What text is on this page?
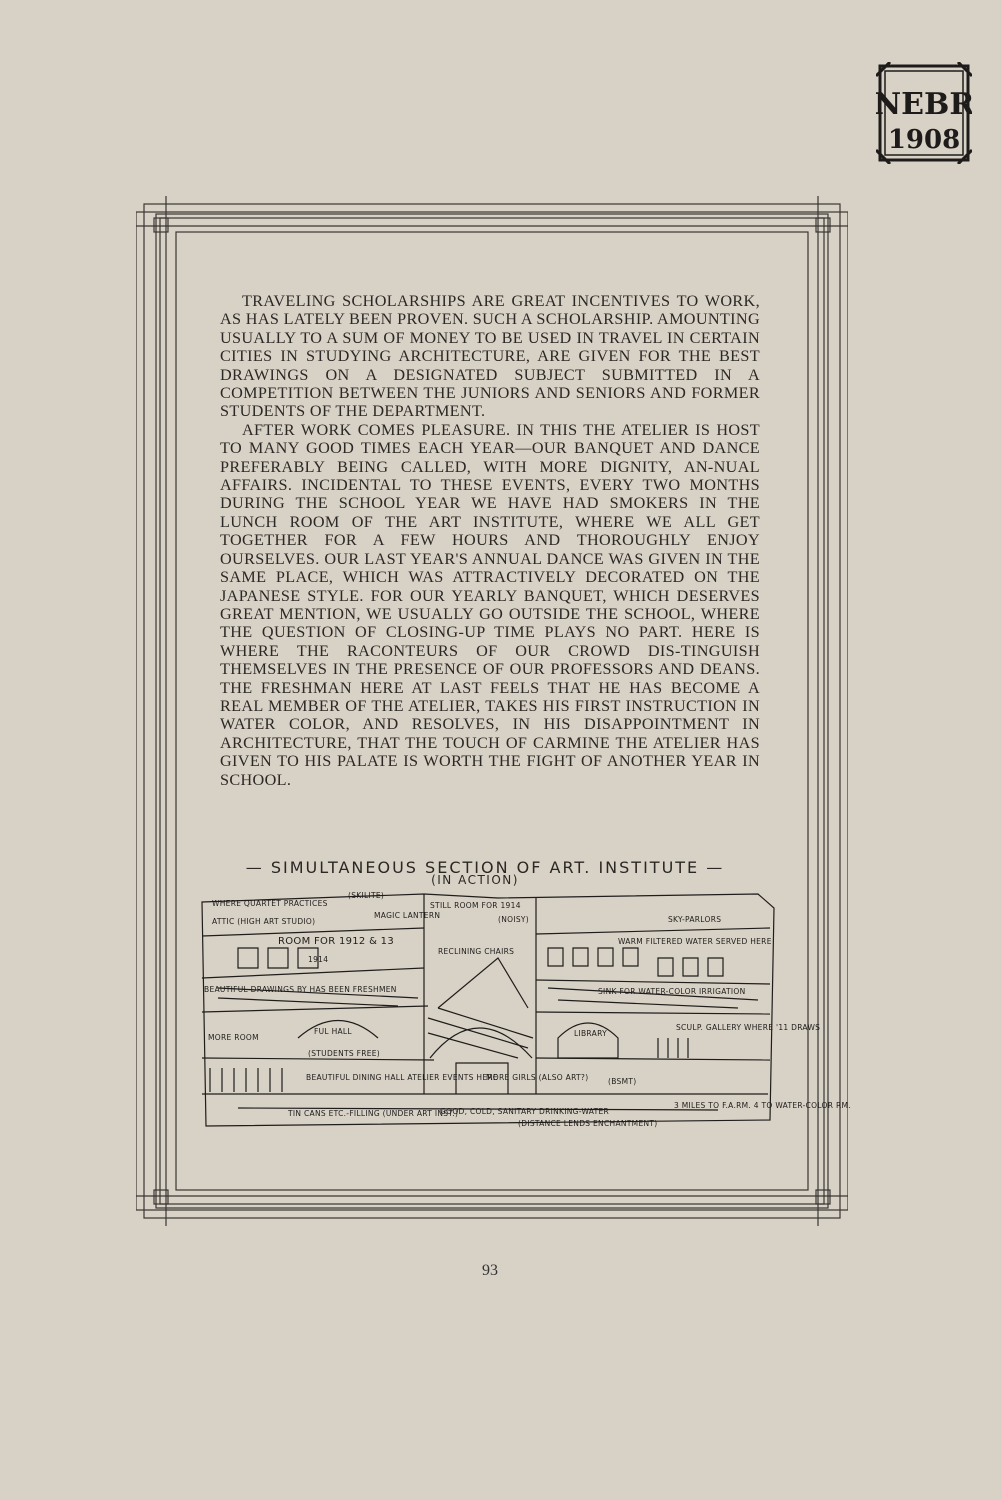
NEBR
1908

TRAVELING SCHOLARSHIPS ARE GREAT INCENTIVES TO WORK, AS HAS LATELY BEEN PROVEN. SUCH A SCHOLARSHIP. AMOUNTING USUALLY TO A SUM OF MONEY TO BE USED IN TRAVEL IN CERTAIN CITIES IN STUDYING ARCHITECTURE, ARE GIVEN FOR THE BEST DRAWINGS ON A DESIGNATED SUBJECT SUBMITTED IN A COMPETITION BETWEEN THE JUNIORS AND SENIORS AND FORMER STUDENTS OF THE DEPARTMENT.

AFTER WORK COMES PLEASURE. IN THIS THE ATELIER IS HOST TO MANY GOOD TIMES EACH YEAR—OUR BANQUET AND DANCE PREFERABLY BEING CALLED, WITH MORE DIGNITY, AN-NUAL AFFAIRS. INCIDENTAL TO THESE EVENTS, EVERY TWO MONTHS DURING THE SCHOOL YEAR WE HAVE HAD SMOKERS IN THE LUNCH ROOM OF THE ART INSTITUTE, WHERE WE ALL GET TOGETHER FOR A FEW HOURS AND THOROUGHLY ENJOY OURSELVES. OUR LAST YEAR'S ANNUAL DANCE WAS GIVEN IN THE SAME PLACE, WHICH WAS ATTRACTIVELY DECORATED ON THE JAPANESE STYLE. FOR OUR YEARLY BANQUET, WHICH DESERVES GREAT MENTION, WE USUALLY GO OUTSIDE THE SCHOOL, WHERE THE QUESTION OF CLOSING-UP TIME PLAYS NO PART. HERE IS WHERE THE RACONTEURS OF OUR CROWD DIS-TINGUISH THEMSELVES IN THE PRESENCE OF OUR PROFESSORS AND DEANS. THE FRESHMAN HERE AT LAST FEELS THAT HE HAS BECOME A REAL MEMBER OF THE ATELIER, TAKES HIS FIRST INSTRUCTION IN WATER COLOR, AND RESOLVES, IN HIS DISAPPOINTMENT IN ARCHITECTURE, THAT THE TOUCH OF CARMINE THE ATELIER HAS GIVEN TO HIS PALATE IS WORTH THE FIGHT OF ANOTHER YEAR IN SCHOOL.

— SIMULTANEOUS SECTION OF ART. INSTITUTE —
(IN ACTION)
WHERE QUARTET PRACTICES
(SKILITE)
ATTIC (HIGH ART STUDIO)
MAGIC LANTERN
STILL ROOM FOR 1914
(NOISY)	SKY-PARLORS
ROOM FOR 1912 & 13
1914
RECLINING CHAIRS
WARM FILTERED WATER SERVED HERE
BEAUTIFUL DRAWINGS BY HAS BEEN FRESHMEN	SINK FOR WATER-COLOR IRRIGATION
MORE ROOM
FUL HALL
(STUDENTS FREE)
LIBRARY
SCULP. GALLERY WHERE '11 DRAWS
BEAUTIFUL DINING HALL ATELIER EVENTS HERE
MORE GIRLS (ALSO ART?)	(BSMT)
TIN CANS ETC.-FILLING (UNDER ART INST.)
GOOD, COLD, SANITARY DRINKING-WATER
(DISTANCE LENDS ENCHANTMENT)
3 MILES TO F.A.RM. 4 TO WATER-COLOR RM.
93
